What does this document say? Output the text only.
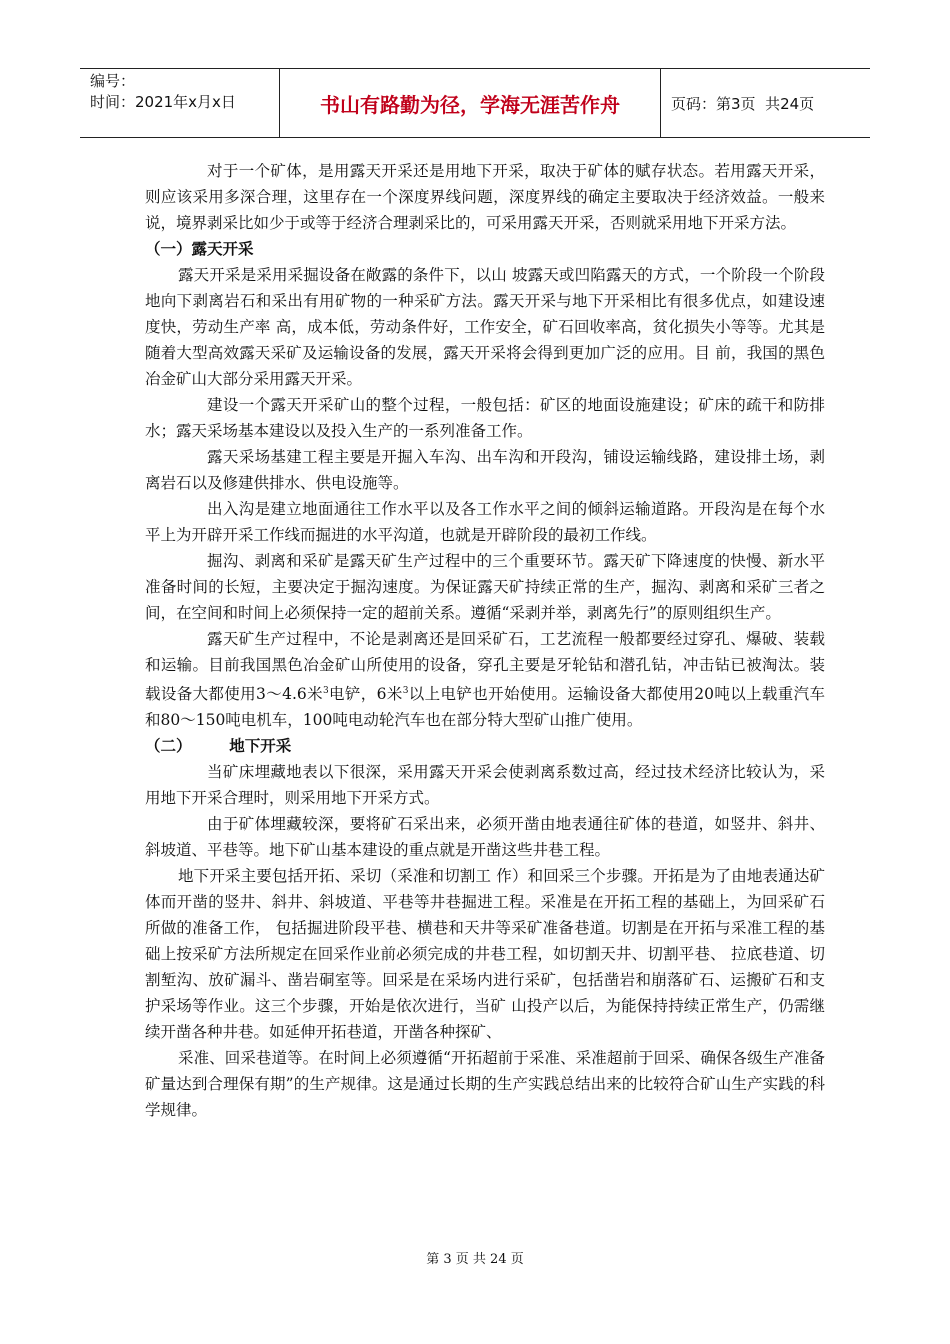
编号：
时间：2021年x月x日	书山有路勤为径，学海无涯苦作舟	页码：第3页  共24页

对于一个矿体，是用露天开采还是用地下开采，取决于矿体的赋存状态。若用露天开采，则应该采用多深合理，这里存在一个深度界线问题，深度界线的确定主要取决于经济效益。一般来说，境界剥采比如少于或等于经济合理剥采比的，可采用露天开采，否则就采用地下开采方法。

（一）露天开采

露天开采是采用采掘设备在敞露的条件下，以山 坡露天或凹陷露天的方式，一个阶段一个阶段地向下剥离岩石和采出有用矿物的一种采矿方法。露天开采与地下开采相比有很多优点，如建设速度快，劳动生产率 高，成本低，劳动条件好，工作安全，矿石回收率高，贫化损失小等等。尤其是随着大型高效露天采矿及运输设备的发展，露天开采将会得到更加广泛的应用。目 前，我国的黑色冶金矿山大部分采用露天开采。

建设一个露天开采矿山的整个过程，一般包括：矿区的地面设施建设；矿床的疏干和防排水；露天采场基本建设以及投入生产的一系列准备工作。

露天采场基建工程主要是开掘入车沟、出车沟和开段沟，铺设运输线路，建设排土场，剥离岩石以及修建供排水、供电设施等。

出入沟是建立地面通往工作水平以及各工作水平之间的倾斜运输道路。开段沟是在每个水平上为开辟开采工作线而掘进的水平沟道，也就是开辟阶段的最初工作线。

掘沟、剥离和采矿是露天矿生产过程中的三个重要环节。露天矿下降速度的快慢、新水平准备时间的长短，主要决定于掘沟速度。为保证露天矿持续正常的生产，掘沟、剥离和采矿三者之间，在空间和时间上必须保持一定的超前关系。遵循“采剥并举，剥离先行”的原则组织生产。

露天矿生产过程中，不论是剥离还是回采矿石，工艺流程一般都要经过穿孔、爆破、装载和运输。目前我国黑色冶金矿山所使用的设备，穿孔主要是牙轮钻和潜孔钻，冲击钻已被淘汰。装载设备大都使用3～4.6米$^3$电铲，6米$^3$以上电铲也开始使用。运输设备大都使用20吨以上载重汽车和80～150吨电机车，100吨电动轮汽车也在部分特大型矿山推广使用。

（二）       地下开采

当矿床埋藏地表以下很深，采用露天开采会使剥离系数过高，经过技术经济比较认为，采用地下开采合理时，则采用地下开采方式。

由于矿体埋藏较深，要将矿石采出来，必须开凿由地表通往矿体的巷道，如竖井、斜井、斜坡道、平巷等。地下矿山基本建设的重点就是开凿这些井巷工程。

地下开采主要包括开拓、采切（采准和切割工 作）和回采三个步骤。开拓是为了由地表通达矿体而开凿的竖井、斜井、斜坡道、平巷等井巷掘进工程。采准是在开拓工程的基础上，为回采矿石所做的准备工作， 包括掘进阶段平巷、横巷和天井等采矿准备巷道。切割是在开拓与采准工程的基础上按采矿方法所规定在回采作业前必须完成的井巷工程，如切割天井、切割平巷、 拉底巷道、切割堑沟、放矿漏斗、凿岩硐室等。回采是在采场内进行采矿，包括凿岩和崩落矿石、运搬矿石和支护采场等作业。这三个步骤，开始是依次进行，当矿 山投产以后，为能保持持续正常生产，仍需继续开凿各种井巷。如延伸开拓巷道，开凿各种探矿、

采准、回采巷道等。在时间上必须遵循“开拓超前于采准、采准超前于回采、确保各级生产准备矿量达到合理保有期”的生产规律。这是通过长期的生产实践总结出来的比较符合矿山生产实践的科学规律。

第 3 页 共 24 页
